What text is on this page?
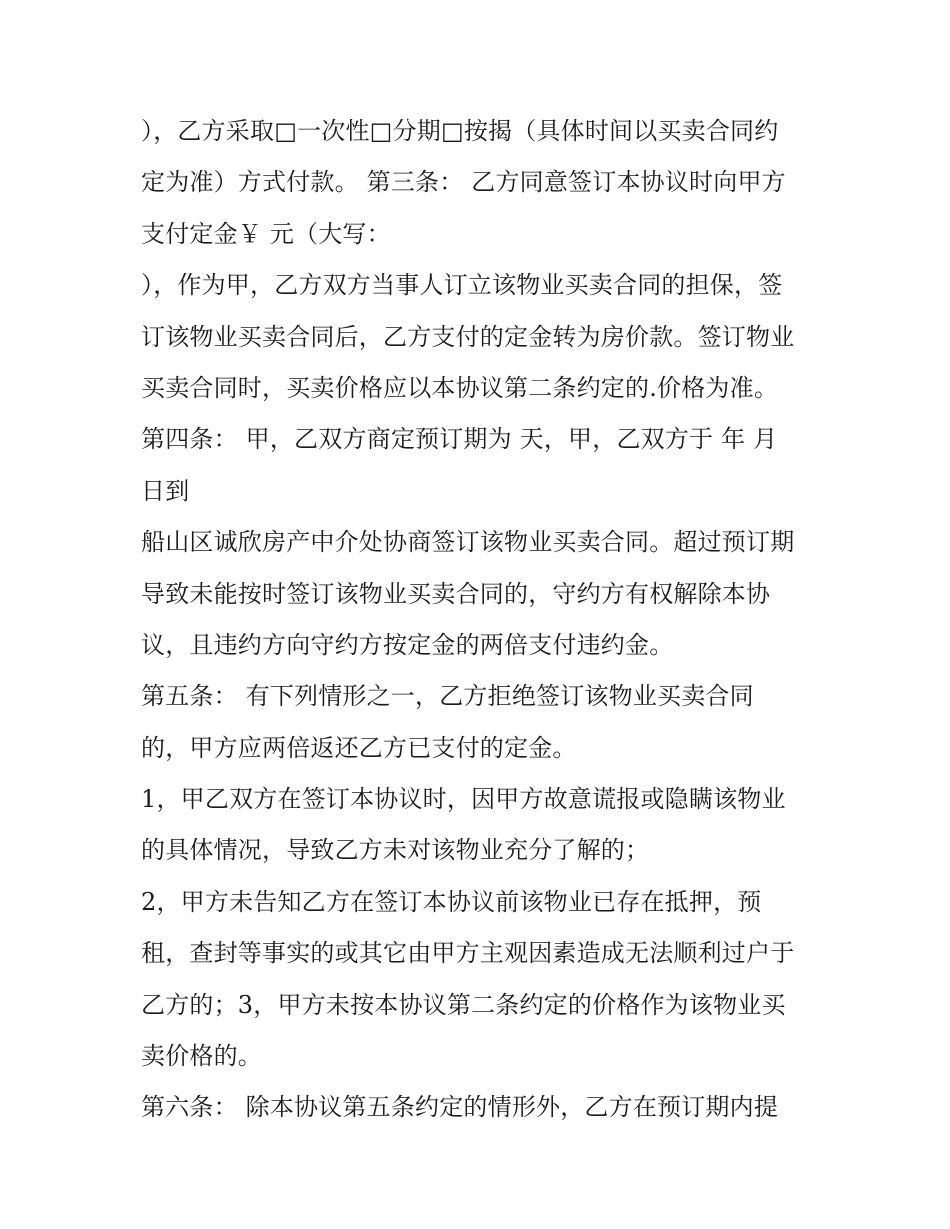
），乙方采取□一次性□分期□按揭（具体时间以买卖合同约
定为准）方式付款。 第三条： 乙方同意签订本协议时向甲方
支付定金￥ 元（大写：
），作为甲，乙方双方当事人订立该物业买卖合同的担保，签
订该物业买卖合同后，乙方支付的定金转为房价款。签订物业
买卖合同时，买卖价格应以本协议第二条约定的.价格为准。
第四条： 甲，乙双方商定预订期为 天，甲，乙双方于 年 月
日到
船山区诚欣房产中介处协商签订该物业买卖合同。超过预订期
导致未能按时签订该物业买卖合同的，守约方有权解除本协
议，且违约方向守约方按定金的两倍支付违约金。
第五条： 有下列情形之一，乙方拒绝签订该物业买卖合同
的，甲方应两倍返还乙方已支付的定金。
1，甲乙双方在签订本协议时，因甲方故意谎报或隐瞒该物业
的具体情况，导致乙方未对该物业充分了解的；
2，甲方未告知乙方在签订本协议前该物业已存在抵押，预
租，查封等事实的或其它由甲方主观因素造成无法顺利过户于
乙方的；3，甲方未按本协议第二条约定的价格作为该物业买
卖价格的。
第六条： 除本协议第五条约定的情形外，乙方在预订期内提
